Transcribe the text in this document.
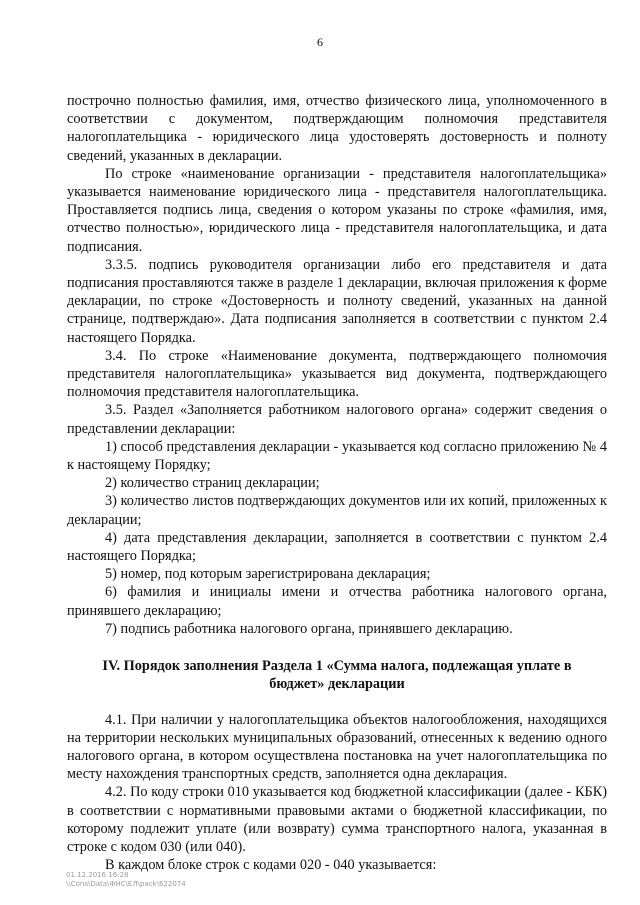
6

построчно полностью фамилия, имя, отчество физического лица, уполномоченного в соответствии с документом, подтверждающим полномочия представителя налогоплательщика - юридического лица удостоверять достоверность и полноту сведений, указанных в декларации.

По строке «наименование организации - представителя налогоплательщика» указывается наименование юридического лица - представителя налогоплательщика. Проставляется подпись лица, сведения о котором указаны по строке «фамилия, имя, отчество полностью», юридического лица - представителя налогоплательщика, и дата подписания.

3.3.5. подпись руководителя организации либо его представителя и дата подписания проставляются также в разделе 1 декларации, включая приложения к форме декларации, по строке «Достоверность и полноту сведений, указанных на данной странице, подтверждаю». Дата подписания заполняется в соответствии с пунктом 2.4 настоящего Порядка.

3.4. По строке «Наименование документа, подтверждающего полномочия представителя налогоплательщика» указывается вид документа, подтверждающего полномочия представителя налогоплательщика.

3.5. Раздел «Заполняется работником налогового органа» содержит сведения о представлении декларации:

1) способ представления декларации - указывается код согласно приложению № 4 к настоящему Порядку;

2) количество страниц декларации;

3) количество листов подтверждающих документов или их копий, приложенных к декларации;

4) дата представления декларации, заполняется в соответствии с пунктом 2.4 настоящего Порядка;

5) номер, под которым зарегистрирована декларация;

6) фамилия и инициалы имени и отчества работника налогового органа, принявшего декларацию;

7) подпись работника налогового органа, принявшего декларацию.

IV. Порядок заполнения Раздела 1 «Сумма налога, подлежащая уплате в бюджет» декларации

4.1. При наличии у налогоплательщика объектов налогообложения, находящихся на территории нескольких муниципальных образований, отнесенных к ведению одного налогового органа, в котором осуществлена постановка на учет налогоплательщика по месту нахождения транспортных средств, заполняется одна декларация.

4.2. По коду строки 010 указывается код бюджетной классификации (далее - КБК) в соответствии с нормативными правовыми актами о бюджетной классификации, по которому подлежит уплате (или возврату) сумма транспортного налога, указанная в строке с кодом 030 (или 040).

В каждом блоке строк с кодами 020 - 040 указывается:

01.12.2016 16:28
\\Cons\Data\ФНС\ЕЛ\pack\622074
